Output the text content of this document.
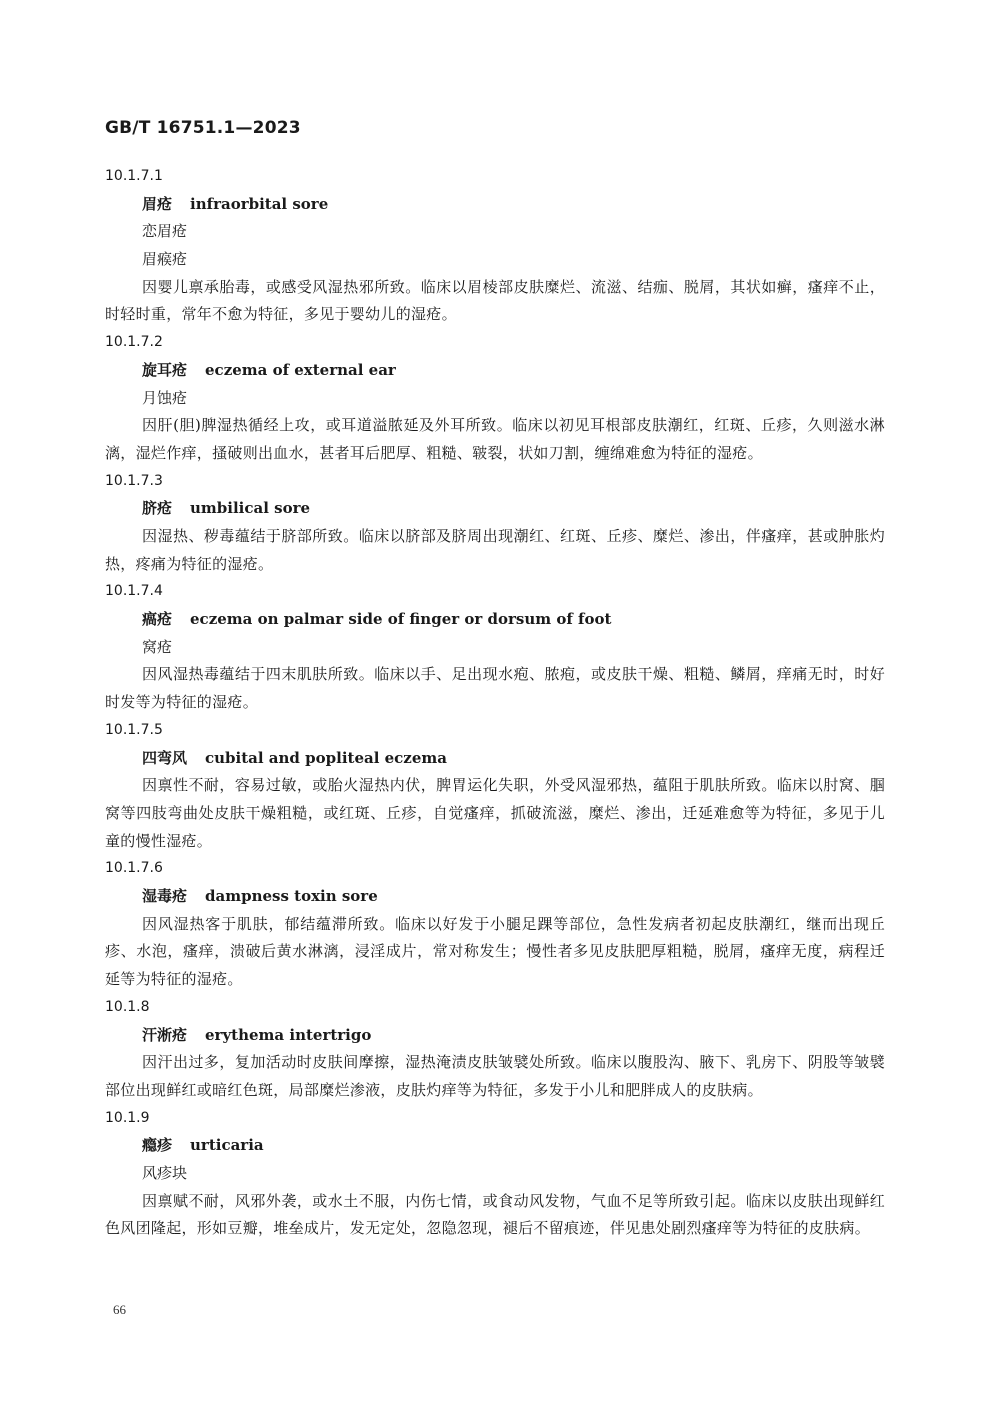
GB/T 16751.1—2023
10.1.7.1
眉疮 infraorbital sore
恋眉疮
眉瘊疮

因婴儿禀承胎毒，或感受风湿热邪所致。临床以眉棱部皮肤糜烂、流滋、结痂、脱屑，其状如癣，瘙痒不止，时轻时重，常年不愈为特征，多见于婴幼儿的湿疮。

10.1.7.2
旋耳疮 eczema of external ear
月蚀疮

因肝(胆)脾湿热循经上攻，或耳道溢脓延及外耳所致。临床以初见耳根部皮肤潮红，红斑、丘疹，久则滋水淋漓，湿烂作痒，搔破则出血水，甚者耳后肥厚、粗糙、皲裂，状如刀割，缠绵难愈为特征的湿疮。

10.1.7.3
脐疮 umbilical sore

因湿热、秽毒蕴结于脐部所致。临床以脐部及脐周出现潮红、红斑、丘疹、糜烂、渗出，伴瘙痒，甚或肿胀灼热，疼痛为特征的湿疮。

10.1.7.4
瘑疮 eczema on palmar side of finger or dorsum of foot
窝疮

因风湿热毒蕴结于四末肌肤所致。临床以手、足出现水疱、脓疱，或皮肤干燥、粗糙、鳞屑，痒痛无时，时好时发等为特征的湿疮。

10.1.7.5
四弯风 cubital and popliteal eczema

因禀性不耐，容易过敏，或胎火湿热内伏，脾胃运化失职，外受风湿邪热，蕴阻于肌肤所致。临床以肘窝、腘窝等四肢弯曲处皮肤干燥粗糙，或红斑、丘疹，自觉瘙痒，抓破流滋，糜烂、渗出，迁延难愈等为特征，多见于儿童的慢性湿疮。

10.1.7.6
湿毒疮 dampness toxin sore

因风湿热客于肌肤，郁结蕴滞所致。临床以好发于小腿足踝等部位，急性发病者初起皮肤潮红，继而出现丘疹、水泡，瘙痒，溃破后黄水淋漓，浸淫成片，常对称发生；慢性者多见皮肤肥厚粗糙，脱屑，瘙痒无度，病程迁延等为特征的湿疮。

10.1.8
汗淅疮 erythema intertrigo

因汗出过多，复加活动时皮肤间摩擦，湿热淹渍皮肤皱襞处所致。临床以腹股沟、腋下、乳房下、阴股等皱襞部位出现鲜红或暗红色斑，局部糜烂渗液，皮肤灼痒等为特征，多发于小儿和肥胖成人的皮肤病。

10.1.9
瘾疹 urticaria
风疹块

因禀赋不耐，风邪外袭，或水土不服，内伤七情，或食动风发物，气血不足等所致引起。临床以皮肤出现鲜红色风团隆起，形如豆瓣，堆垒成片，发无定处，忽隐忽现，褪后不留痕迹，伴见患处剧烈瘙痒等为特征的皮肤病。

66
